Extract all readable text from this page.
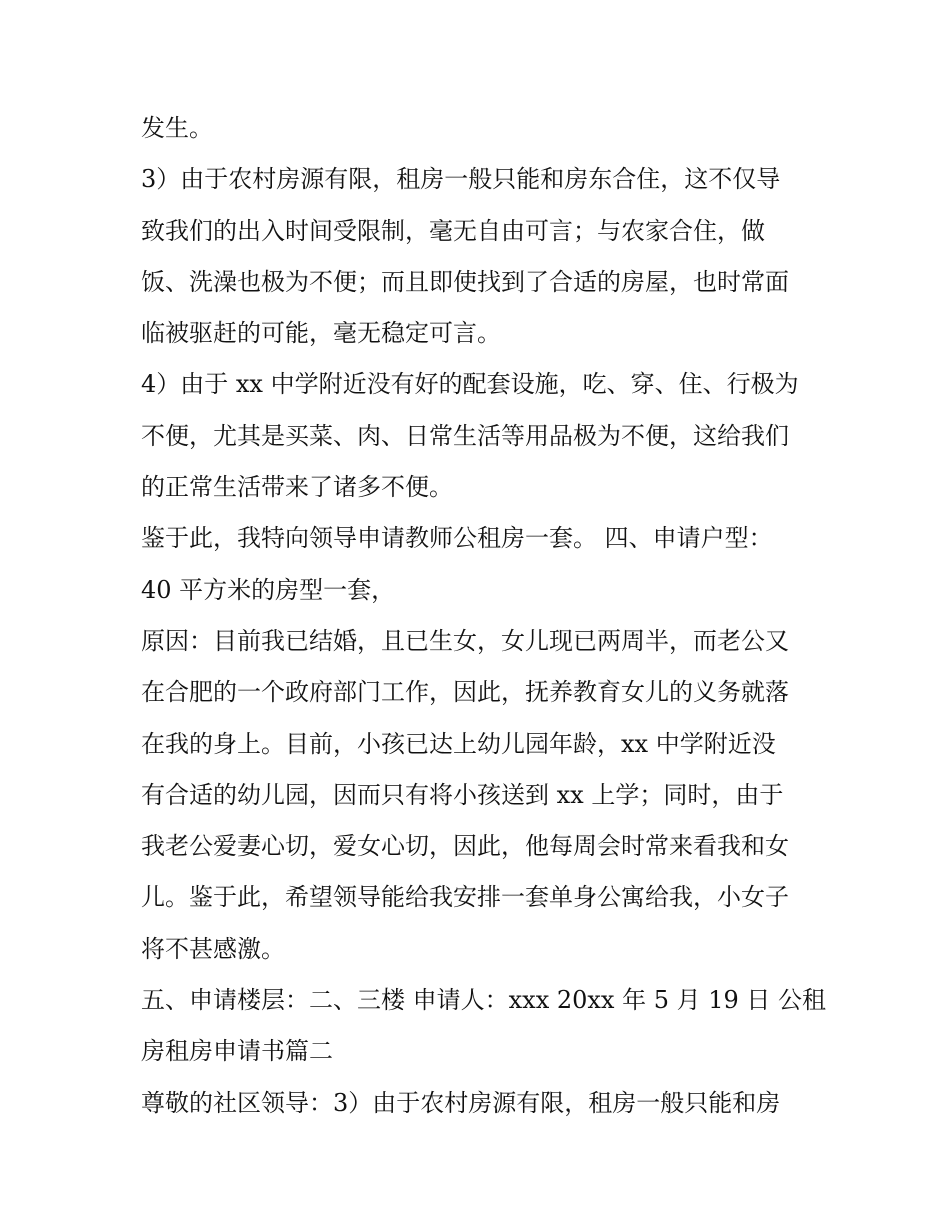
发生。
3）由于农村房源有限，租房一般只能和房东合住，这不仅导
致我们的出入时间受限制，毫无自由可言；与农家合住，做
饭、洗澡也极为不便；而且即使找到了合适的房屋，也时常面
临被驱赶的可能，毫无稳定可言。
4）由于 xx 中学附近没有好的配套设施，吃、穿、住、行极为
不便，尤其是买菜、肉、日常生活等用品极为不便，这给我们
的正常生活带来了诸多不便。
鉴于此，我特向领导申请教师公租房一套。 四、申请户型：
40 平方米的房型一套，
原因：目前我已结婚，且已生女，女儿现已两周半，而老公又
在合肥的一个政府部门工作，因此，抚养教育女儿的义务就落
在我的身上。目前，小孩已达上幼儿园年龄，xx 中学附近没
有合适的幼儿园，因而只有将小孩送到 xx 上学；同时，由于
我老公爱妻心切，爱女心切，因此，他每周会时常来看我和女
儿。鉴于此，希望领导能给我安排一套单身公寓给我，小女子
将不甚感激。
五、申请楼层：二、三楼 申请人：xxx 20xx 年 5 月 19 日 公租
房租房申请书篇二
尊敬的社区领导：3）由于农村房源有限，租房一般只能和房
